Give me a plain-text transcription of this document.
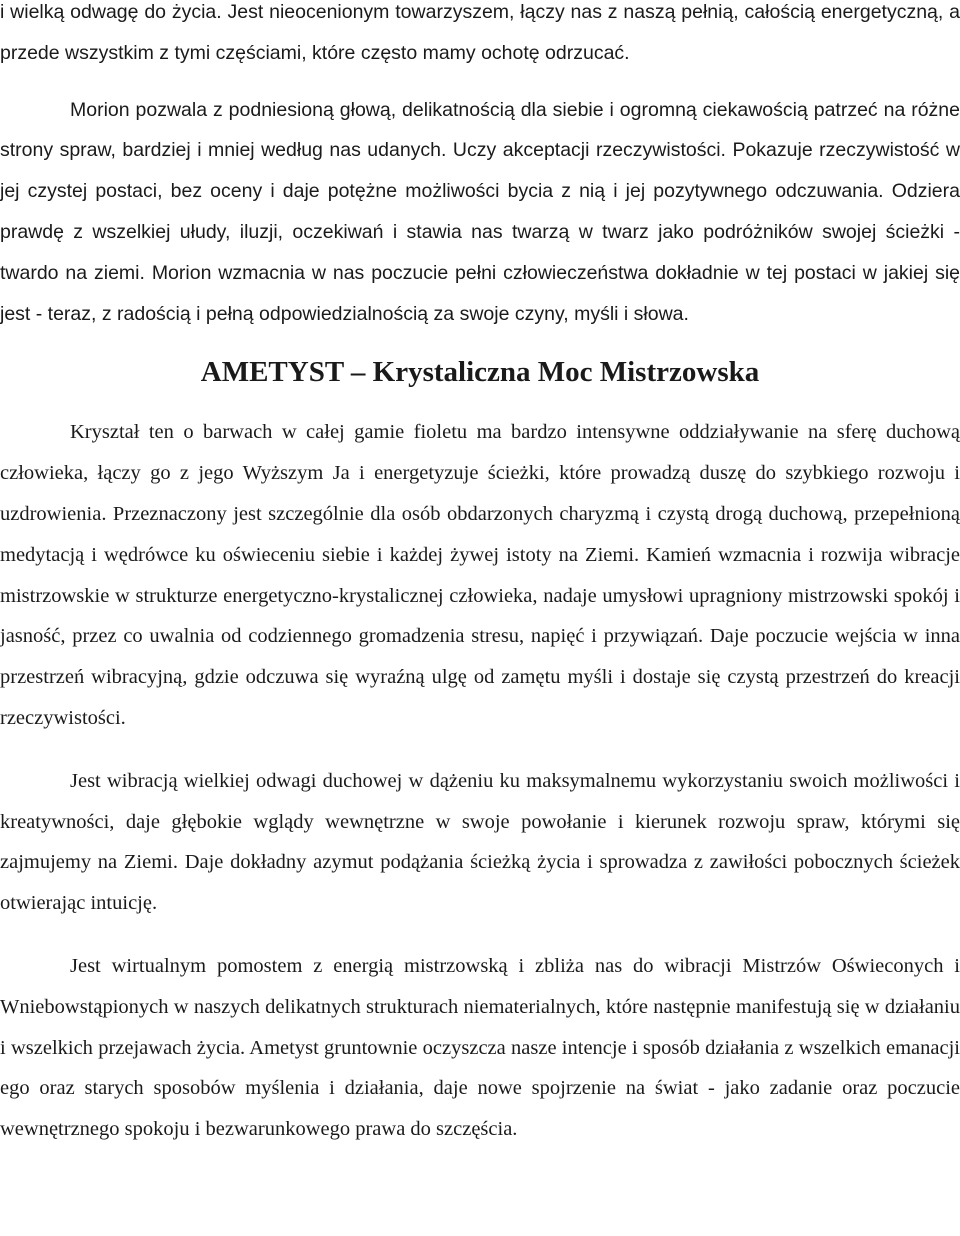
i wielką odwagę do życia. Jest nieocenionym towarzyszem, łączy nas z naszą pełnią, całością energetyczną, a przede wszystkim z tymi częściami, które często mamy ochotę odrzucać.

Morion pozwala z podniesioną głową, delikatnością dla siebie i ogromną ciekawością patrzeć na różne strony spraw, bardziej i mniej według nas udanych. Uczy akceptacji rzeczywistości. Pokazuje rzeczywistość w jej czystej postaci, bez oceny i daje potężne możliwości bycia z nią i jej pozytywnego odczuwania. Odziera prawdę z wszelkiej ułudy, iluzji, oczekiwań i stawia nas twarzą w twarz jako podróżników swojej ścieżki - twardo na ziemi. Morion wzmacnia w nas poczucie pełni człowieczeństwa dokładnie w tej postaci w jakiej się jest - teraz, z radością i pełną odpowiedzialnością za swoje czyny, myśli i słowa.

AMETYST – Krystaliczna Moc Mistrzowska

Kryształ ten o barwach w całej gamie fioletu ma bardzo intensywne oddziaływanie na sferę duchową człowieka, łączy go z jego Wyższym Ja i energetyzuje ścieżki, które prowadzą duszę do szybkiego rozwoju i uzdrowienia. Przeznaczony jest szczególnie dla osób obdarzonych charyzmą i czystą drogą duchową, przepełnioną medytacją i wędrówce ku oświeceniu siebie i każdej żywej istoty na Ziemi. Kamień wzmacnia i rozwija wibracje mistrzowskie w strukturze energetyczno-krystalicznej człowieka, nadaje umysłowi upragniony mistrzowski spokój i jasność, przez co uwalnia od codziennego gromadzenia stresu, napięć i przywiązań. Daje poczucie wejścia w inna przestrzeń wibracyjną, gdzie odczuwa się wyraźną ulgę od zamętu myśli i dostaje się czystą przestrzeń do kreacji rzeczywistości.

Jest wibracją wielkiej odwagi duchowej w dążeniu ku maksymalnemu wykorzystaniu swoich możliwości i kreatywności, daje głębokie wglądy wewnętrzne w swoje powołanie i kierunek rozwoju spraw, którymi się zajmujemy na Ziemi. Daje dokładny azymut podążania ścieżką życia i sprowadza z zawiłości pobocznych ścieżek otwierając intuicję.

Jest wirtualnym pomostem z energią mistrzowską i zbliża nas do wibracji Mistrzów Oświeconych i Wniebowstąpionych w naszych delikatnych strukturach niematerialnych, które następnie manifestują się w działaniu i wszelkich przejawach życia. Ametyst gruntownie oczyszcza nasze intencje i sposób działania z wszelkich emanacji ego oraz starych sposobów myślenia i działania, daje nowe spojrzenie na świat - jako zadanie oraz poczucie wewnętrznego spokoju i bezwarunkowego prawa do szczęścia.
